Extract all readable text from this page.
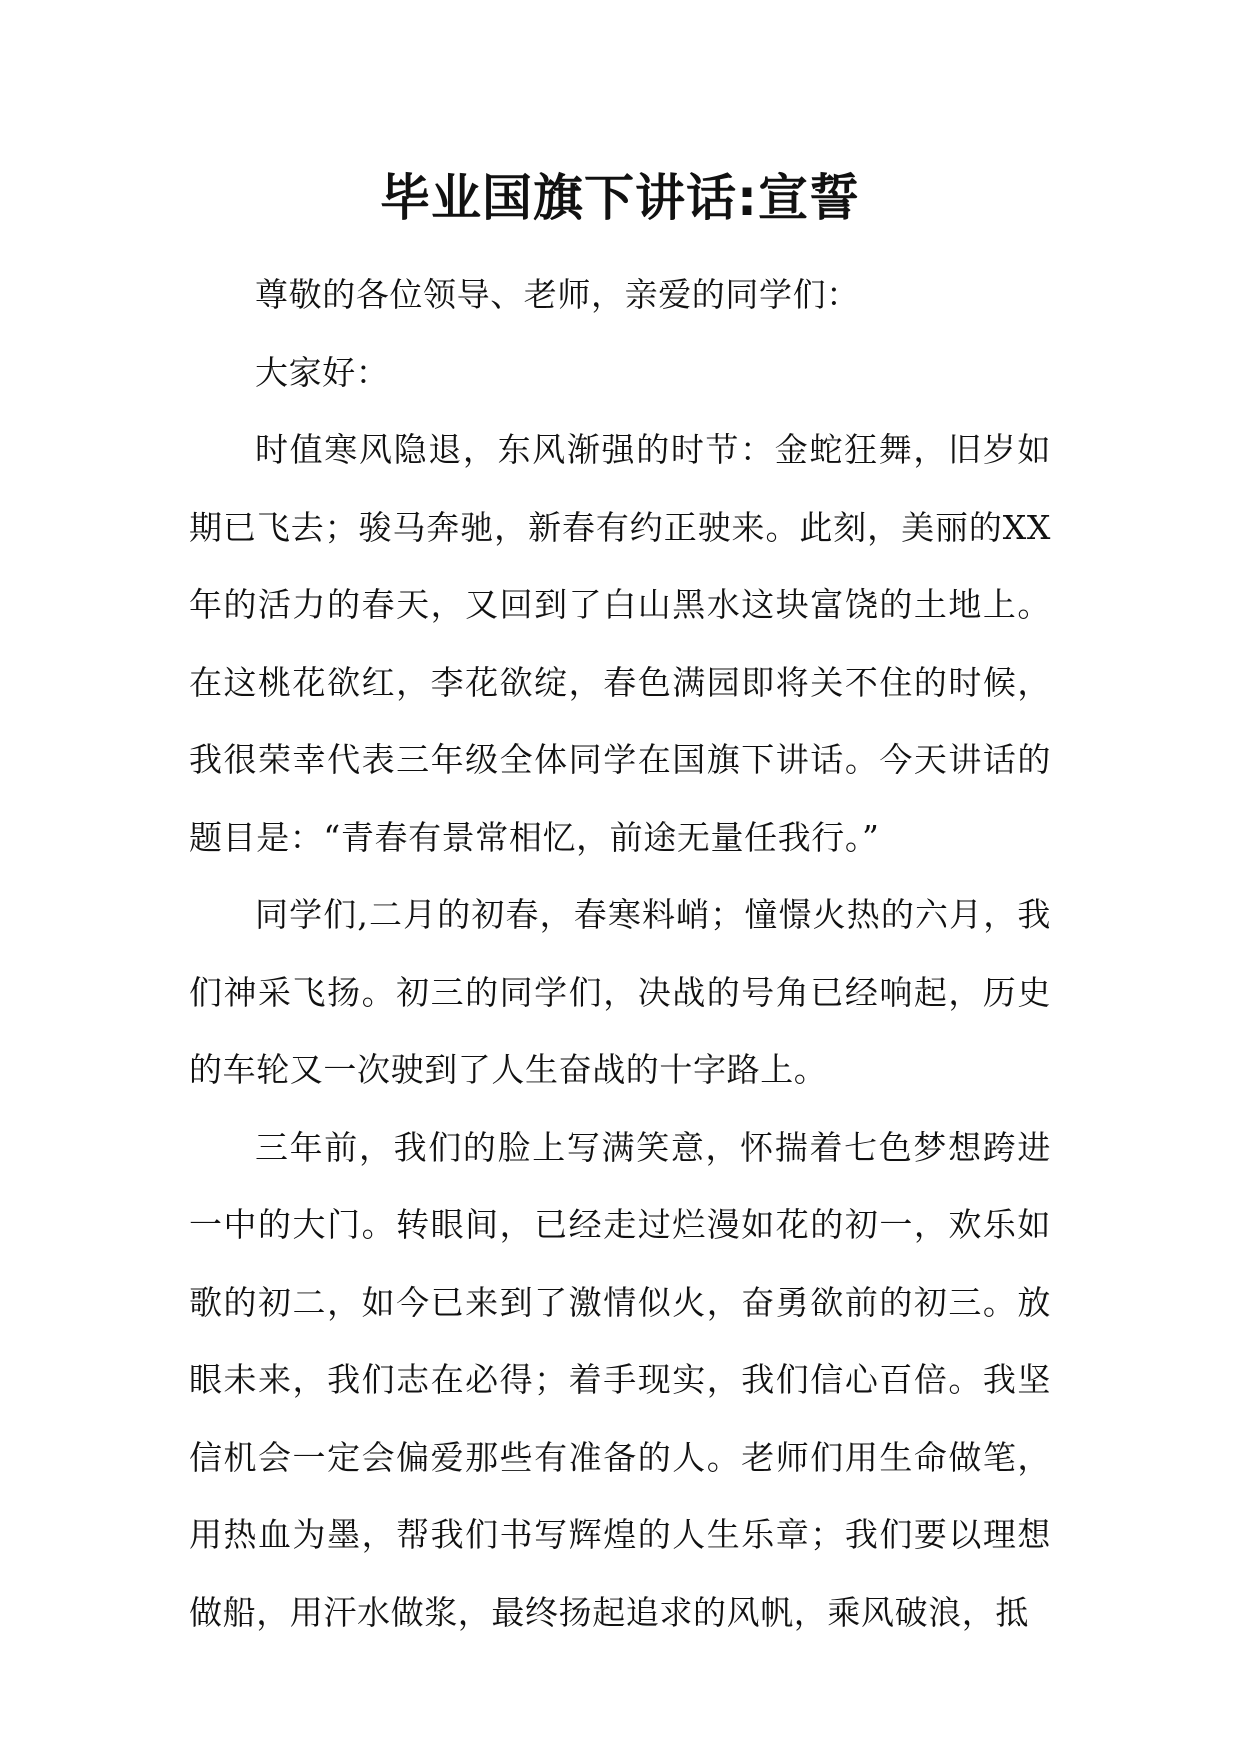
毕业国旗下讲话:宣誓

尊敬的各位领导、老师，亲爱的同学们：

大家好：

时值寒风隐退，东风渐强的时节：金蛇狂舞，旧岁如期已飞去；骏马奔驰，新春有约正驶来。此刻，美丽的XX年的活力的春天，又回到了白山黑水这块富饶的土地上。在这桃花欲红，李花欲绽，春色满园即将关不住的时候，我很荣幸代表三年级全体同学在国旗下讲话。今天讲话的题目是：“青春有景常相忆，前途无量任我行。”

同学们,二月的初春，春寒料峭；憧憬火热的六月，我们神采飞扬。初三的同学们，决战的号角已经响起，历史的车轮又一次驶到了人生奋战的十字路上。

三年前，我们的脸上写满笑意，怀揣着七色梦想跨进一中的大门。转眼间，已经走过烂漫如花的初一，欢乐如歌的初二，如今已来到了激情似火，奋勇欲前的初三。放眼未来，我们志在必得；着手现实，我们信心百倍。我坚信机会一定会偏爱那些有准备的人。老师们用生命做笔，用热血为墨，帮我们书写辉煌的人生乐章；我们要以理想做船，用汗水做浆，最终扬起追求的风帆，乘风破浪，抵
